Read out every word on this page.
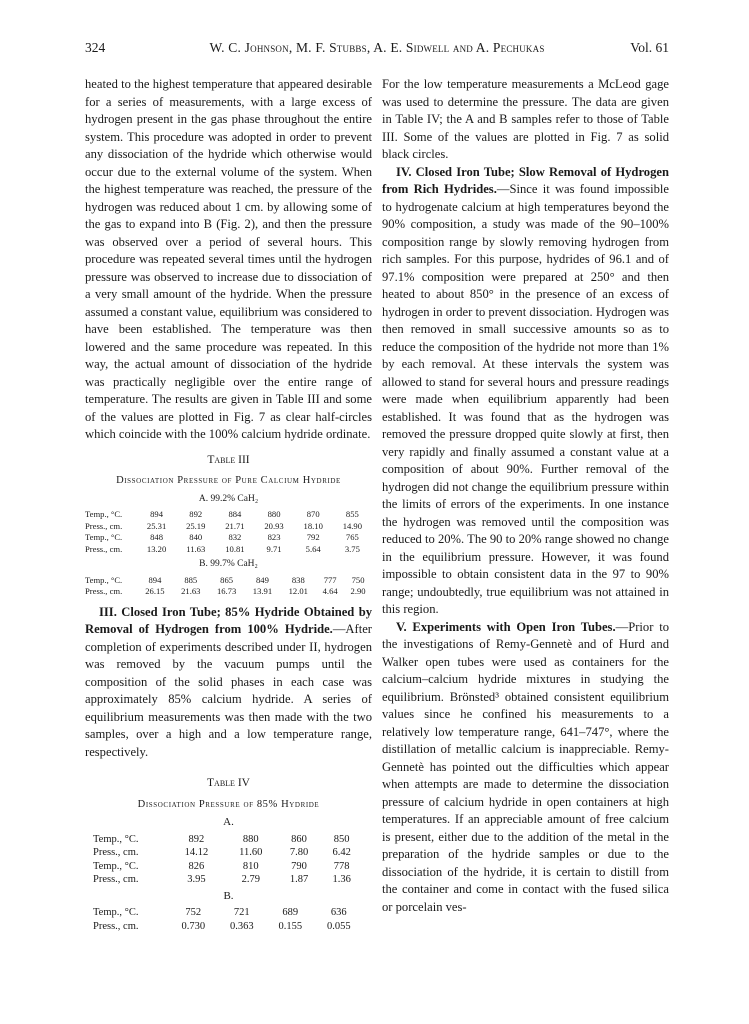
324	W. C. Johnson, M. F. Stubbs, A. E. Sidwell and A. Pechukas	Vol. 61

heated to the highest temperature that appeared desirable for a series of measurements, with a large excess of hydrogen present in the gas phase throughout the entire system. This procedure was adopted in order to prevent any dissociation of the hydride which otherwise would occur due to the external volume of the system. When the highest temperature was reached, the pressure of the hydrogen was reduced about 1 cm. by allowing some of the gas to expand into B (Fig. 2), and then the pressure was observed over a period of several hours. This procedure was repeated several times until the hydrogen pressure was observed to increase due to dissociation of a very small amount of the hydride. When the pressure assumed a constant value, equilibrium was considered to have been established. The temperature was then lowered and the same procedure was repeated. In this way, the actual amount of dissociation of the hydride was practically negligible over the entire range of temperature. The results are given in Table III and some of the values are plotted in Fig. 7 as clear half-circles which coincide with the 100% calcium hydride ordinate.

Table III
Dissociation Pressure of Pure Calcium Hydride
A. 99.2% CaH₂
Temp., °C.	894	892	884	880	870	855	
Press., cm.	25.31	25.19	21.71	20.93	18.10	14.90	
Temp., °C.	848	840	832	823	792	765	
Press., cm.	13.20	11.63	10.81	9.71	5.64	3.75	
B. 99.7% CaH₂
Temp., °C.	894	885	865	849	838	777	750
Press., cm.	26.15	21.63	16.73	13.91	12.01	4.64	2.90

III. Closed Iron Tube; 85% Hydride Obtained by Removal of Hydrogen from 100% Hydride.—After completion of experiments described under II, hydrogen was removed by the vacuum pumps until the composition of the solid phases in each case was approximately 85% calcium hydride. A series of equilibrium measurements was then made with the two samples, over a high and a low temperature range, respectively.

Table IV
Dissociation Pressure of 85% Hydride
A.
Temp., °C.	892	880	860	850
Press., cm.	14.12	11.60	7.80	6.42
Temp., °C.	826	810	790	778
Press., cm.	3.95	2.79	1.87	1.36
B.
Temp., °C.	752	721	689	636
Press., cm.	0.730	0.363	0.155	0.055

For the low temperature measurements a McLeod gage was used to determine the pressure. The data are given in Table IV; the A and B samples refer to those of Table III. Some of the values are plotted in Fig. 7 as solid black circles.

IV. Closed Iron Tube; Slow Removal of Hydrogen from Rich Hydrides.—Since it was found impossible to hydrogenate calcium at high temperatures beyond the 90% composition, a study was made of the 90–100% composition range by slowly removing hydrogen from rich samples. For this purpose, hydrides of 96.1 and of 97.1% composition were prepared at 250° and then heated to about 850° in the presence of an excess of hydrogen in order to prevent dissociation. Hydrogen was then removed in small successive amounts so as to reduce the composition of the hydride not more than 1% by each removal. At these intervals the system was allowed to stand for several hours and pressure readings were made when equilibrium apparently had been established. It was found that as the hydrogen was removed the pressure dropped quite slowly at first, then very rapidly and finally assumed a constant value at a composition of about 90%. Further removal of the hydrogen did not change the equilibrium pressure within the limits of errors of the experiments. In one instance the hydrogen was removed until the composition was reduced to 20%. The 90 to 20% range showed no change in the equilibrium pressure. However, it was found impossible to obtain consistent data in the 97 to 90% range; undoubtedly, true equilibrium was not attained in this region.

V. Experiments with Open Iron Tubes.—Prior to the investigations of Remy-Gennetè and of Hurd and Walker open tubes were used as containers for the calcium–calcium hydride mixtures in studying the equilibrium. Brönsted³ obtained consistent equilibrium values since he confined his measurements to a relatively low temperature range, 641–747°, where the distillation of metallic calcium is inappreciable. Remy-Gennetè has pointed out the difficulties which appear when attempts are made to determine the dissociation pressure of calcium hydride in open containers at high temperatures. If an appreciable amount of free calcium is present, either due to the addition of the metal in the preparation of the hydride samples or due to the dissociation of the hydride, it is certain to distill from the container and come in contact with the fused silica or porcelain ves-
